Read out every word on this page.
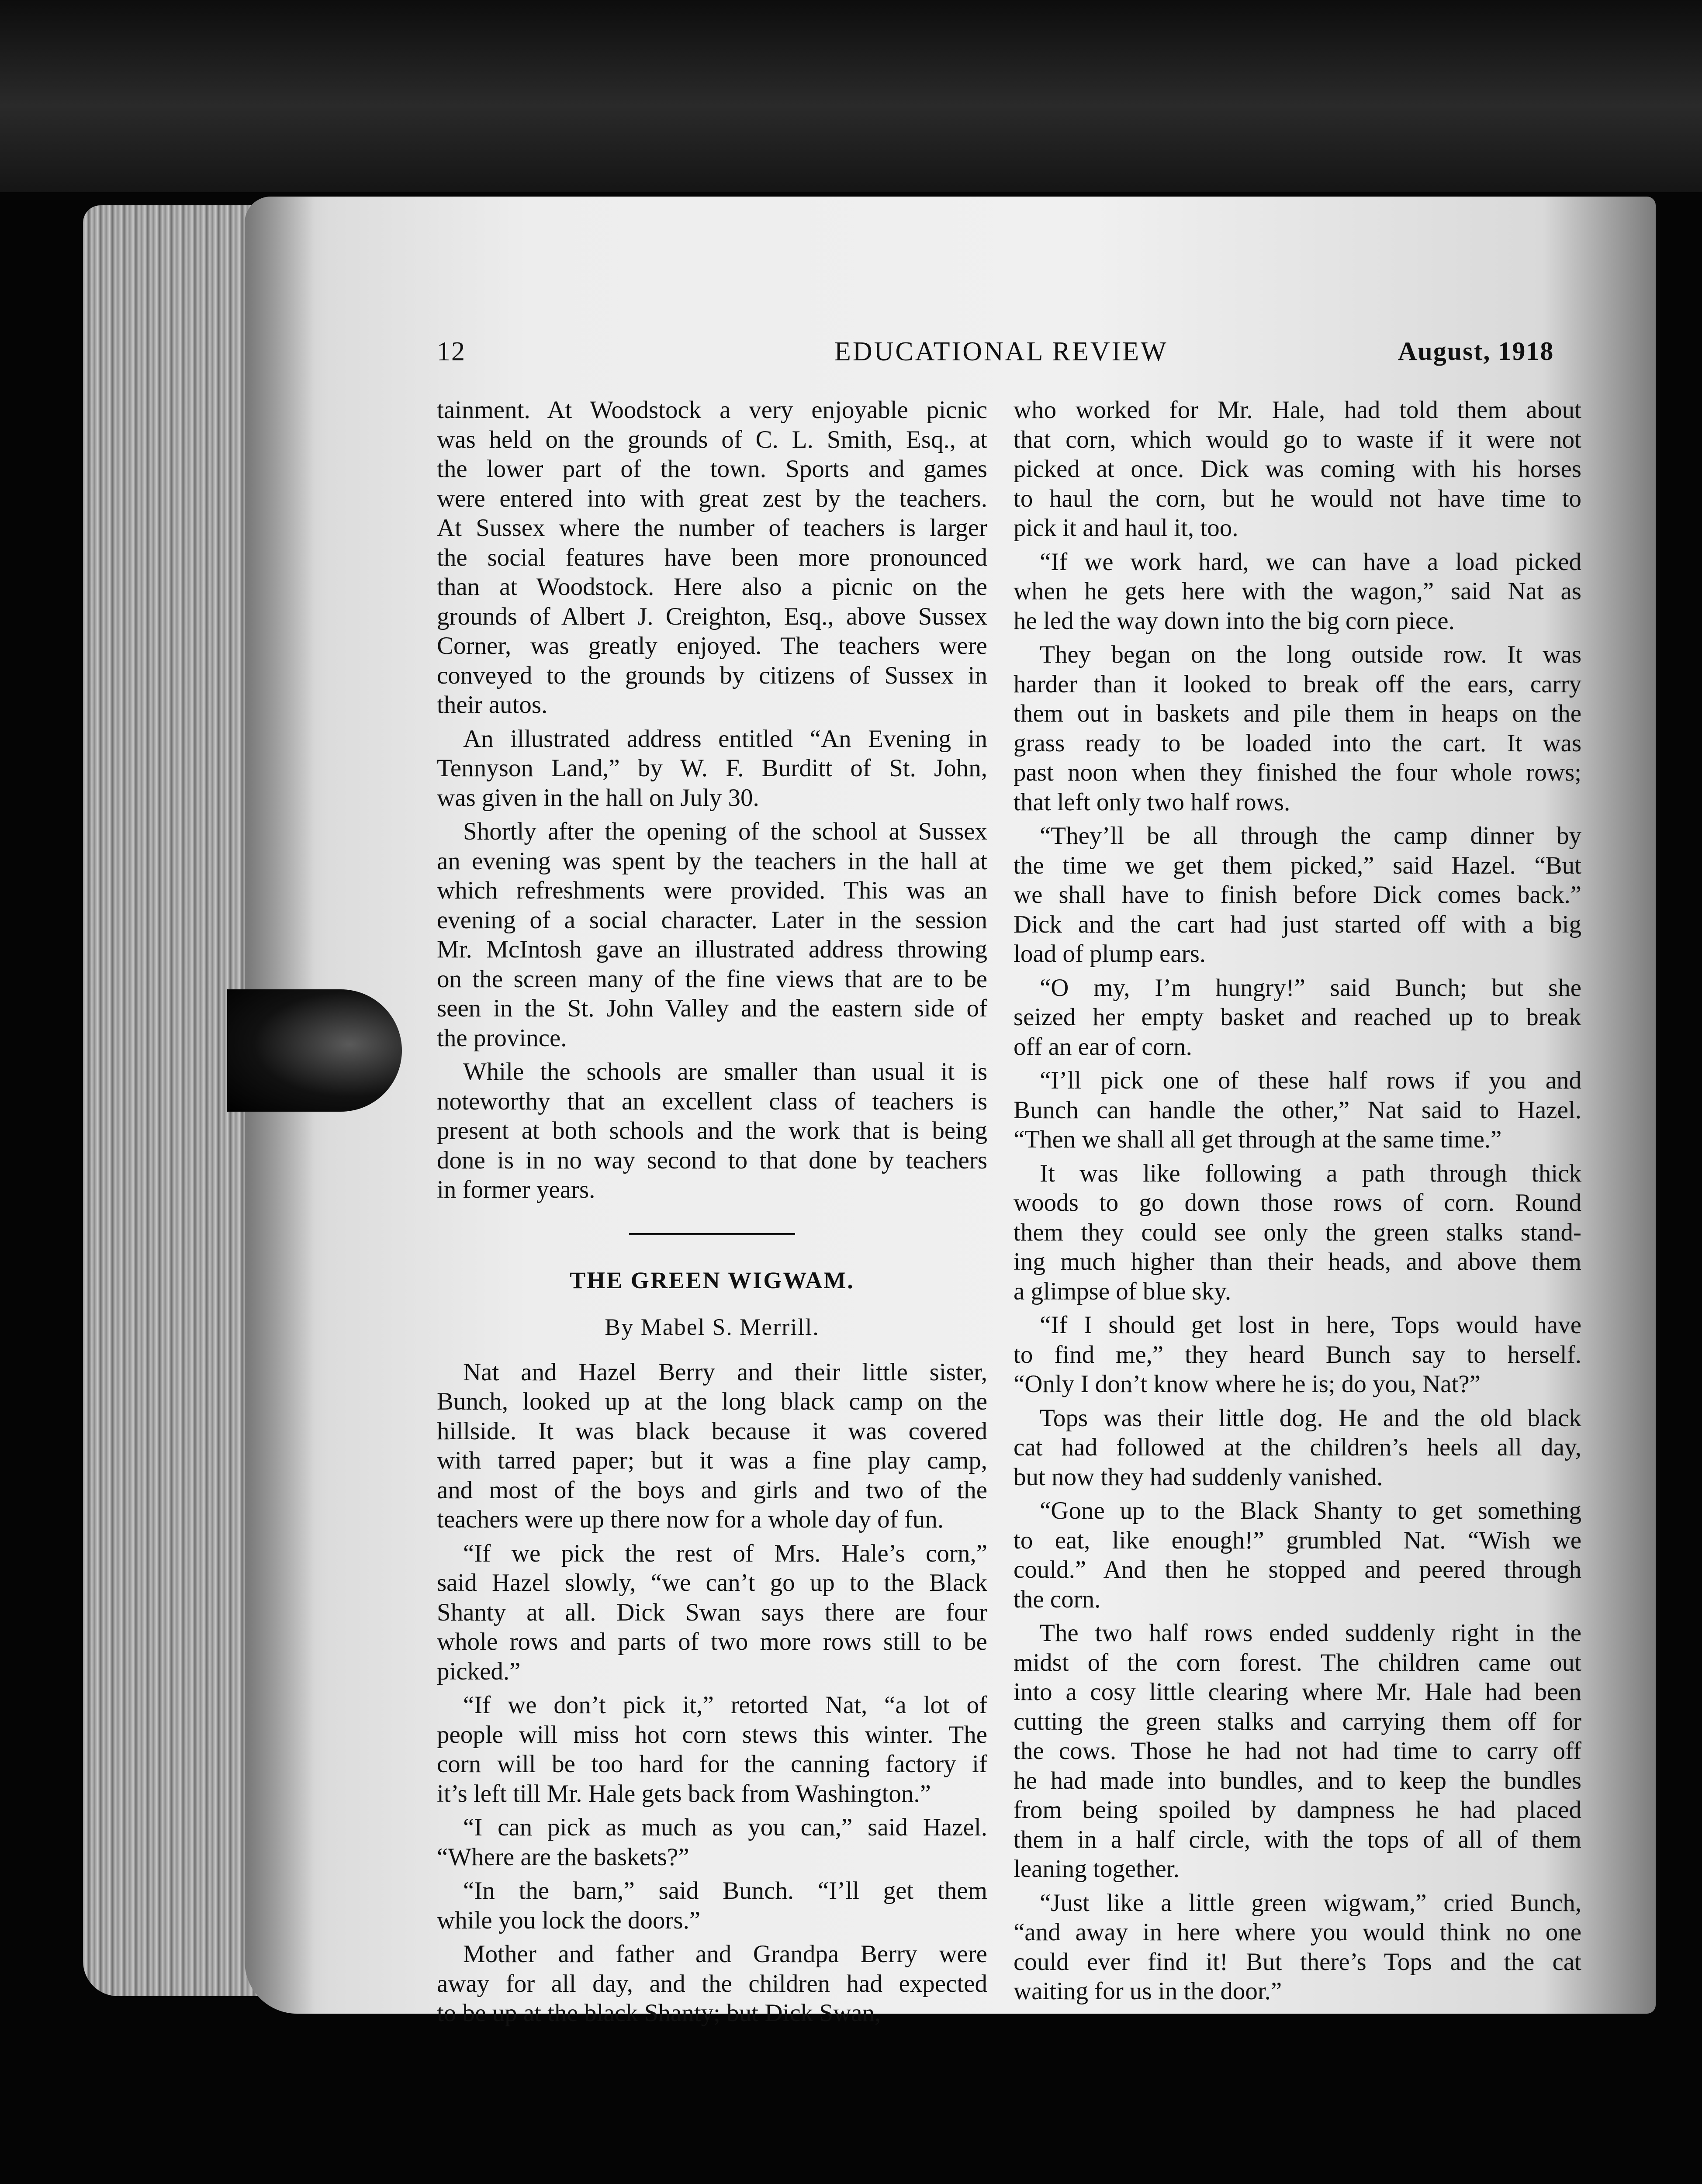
12	EDUCATIONAL REVIEW	August, 1918
tainment. At Woodstock a very enjoyable picnic
was held on the grounds of C. L. Smith, Esq., at
the lower part of the town. Sports and games
were entered into with great zest by the teachers.
At Sussex where the number of teachers is larger
the social features have been more pronounced
than at Woodstock. Here also a picnic on the
grounds of Albert J. Creighton, Esq., above Sussex
Corner, was greatly enjoyed. The teachers were
conveyed to the grounds by citizens of Sussex in
their autos.
An illustrated address entitled “An Evening in
Tennyson Land,” by W. F. Burditt of St. John,
was given in the hall on July 30.
Shortly after the opening of the school at Sussex
an evening was spent by the teachers in the hall at
which refreshments were provided. This was an
evening of a social character. Later in the session
Mr. McIntosh gave an illustrated address throwing
on the screen many of the fine views that are to be
seen in the St. John Valley and the eastern side of
the province.
While the schools are smaller than usual it is
noteworthy that an excellent class of teachers is
present at both schools and the work that is being
done is in no way second to that done by teachers
in former years.
THE GREEN WIGWAM.
By Mabel S. Merrill.
Nat and Hazel Berry and their little sister,
Bunch, looked up at the long black camp on the
hillside. It was black because it was covered
with tarred paper; but it was a fine play camp,
and most of the boys and girls and two of the
teachers were up there now for a whole day of fun.
“If we pick the rest of Mrs. Hale’s corn,”
said Hazel slowly, “we can’t go up to the Black
Shanty at all. Dick Swan says there are four
whole rows and parts of two more rows still to be
picked.”
“If we don’t pick it,” retorted Nat, “a lot of
people will miss hot corn stews this winter. The
corn will be too hard for the canning factory if
it’s left till Mr. Hale gets back from Washington.”
“I can pick as much as you can,” said Hazel.
“Where are the baskets?”
“In the barn,” said Bunch. “I’ll get them
while you lock the doors.”
Mother and father and Grandpa Berry were
away for all day, and the children had expected
to be up at the black Shanty; but Dick Swan,
who worked for Mr. Hale, had told them about
that corn, which would go to waste if it were not
picked at once. Dick was coming with his horses
to haul the corn, but he would not have time to
pick it and haul it, too.
“If we work hard, we can have a load picked
when he gets here with the wagon,” said Nat as
he led the way down into the big corn piece.
They began on the long outside row. It was
harder than it looked to break off the ears, carry
them out in baskets and pile them in heaps on the
grass ready to be loaded into the cart. It was
past noon when they finished the four whole rows;
that left only two half rows.
“They’ll be all through the camp dinner by
the time we get them picked,” said Hazel. “But
we shall have to finish before Dick comes back.”
Dick and the cart had just started off with a big
load of plump ears.
“O my, I’m hungry!” said Bunch; but she
seized her empty basket and reached up to break
off an ear of corn.
“I’ll pick one of these half rows if you and
Bunch can handle the other,” Nat said to Hazel.
“Then we shall all get through at the same time.”
It was like following a path through thick
woods to go down those rows of corn. Round
them they could see only the green stalks stand-
ing much higher than their heads, and above them
a glimpse of blue sky.
“If I should get lost in here, Tops would have
to find me,” they heard Bunch say to herself.
“Only I don’t know where he is; do you, Nat?”
Tops was their little dog. He and the old black
cat had followed at the children’s heels all day,
but now they had suddenly vanished.
“Gone up to the Black Shanty to get something
to eat, like enough!” grumbled Nat. “Wish we
could.” And then he stopped and peered through
the corn.
The two half rows ended suddenly right in the
midst of the corn forest. The children came out
into a cosy little clearing where Mr. Hale had been
cutting the green stalks and carrying them off for
the cows. Those he had not had time to carry off
he had made into bundles, and to keep the bundles
from being spoiled by dampness he had placed
them in a half circle, with the tops of all of them
leaning together.
“Just like a little green wigwam,” cried Bunch,
“and away in here where you would think no one
could ever find it! But there’s Tops and the cat
waiting for us in the door.”
